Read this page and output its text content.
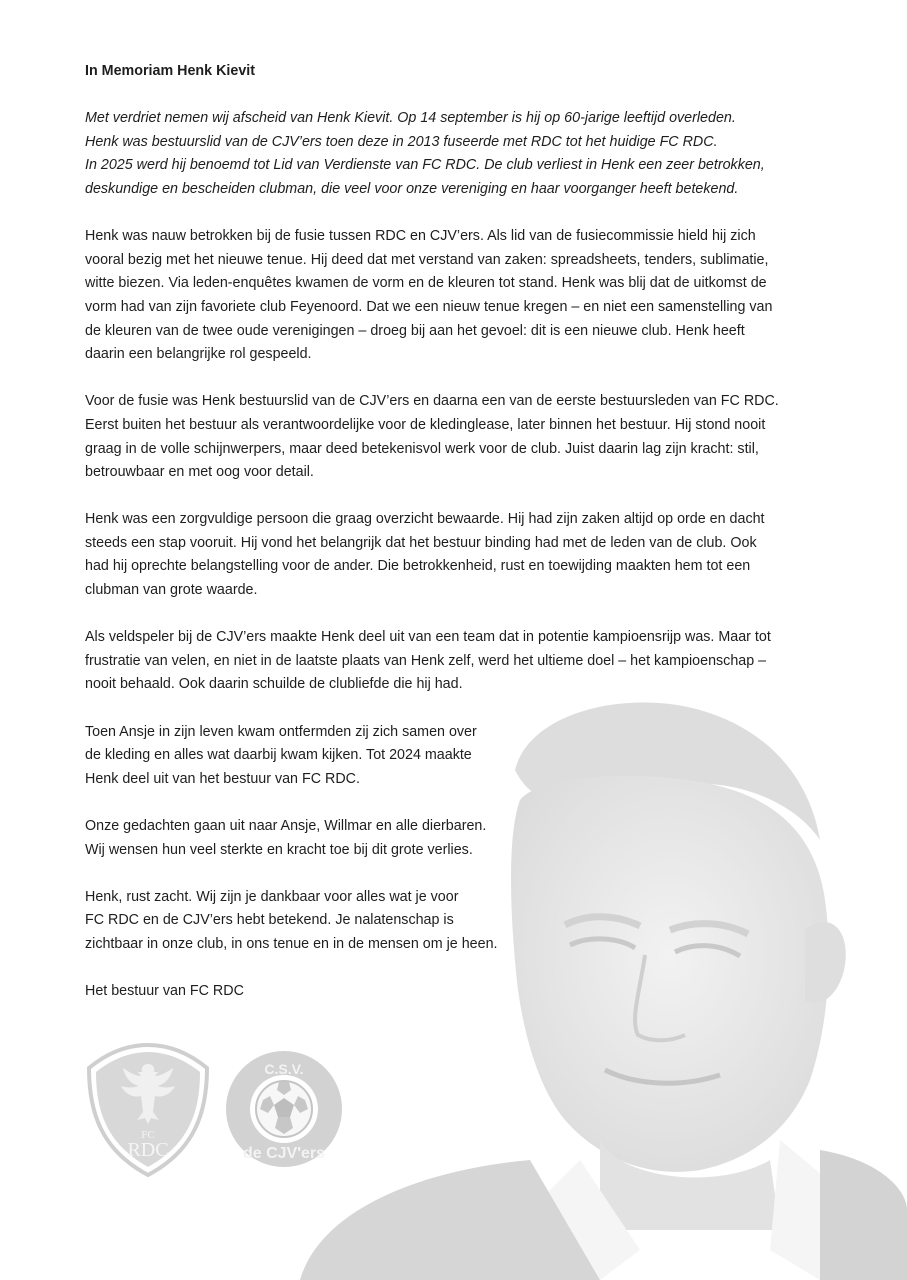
In Memoriam Henk Kievit
Met verdriet nemen wij afscheid van Henk Kievit. Op 14 september is hij op 60-jarige leeftijd overleden.
Henk was bestuurslid van de CJV’ers toen deze in 2013 fuseerde met RDC tot het huidige FC RDC.
In 2025 werd hij benoemd tot Lid van Verdienste van FC RDC. De club verliest in Henk een zeer betrokken,
deskundige en bescheiden clubman, die veel voor onze vereniging en haar voorganger heeft betekend.

Henk was nauw betrokken bij de fusie tussen RDC en CJV’ers. Als lid van de fusiecommissie hield hij zich
vooral bezig met het nieuwe tenue. Hij deed dat met verstand van zaken: spreadsheets, tenders, sublimatie,
witte biezen. Via leden-enquêtes kwamen de vorm en de kleuren tot stand. Henk was blij dat de uitkomst de
vorm had van zijn favoriete club Feyenoord. Dat we een nieuw tenue kregen – en niet een samenstelling van
de kleuren van de twee oude verenigingen – droeg bij aan het gevoel: dit is een nieuwe club. Henk heeft
daarin een belangrijke rol gespeeld.

Voor de fusie was Henk bestuurslid van de CJV’ers en daarna een van de eerste bestuursleden van FC RDC.
Eerst buiten het bestuur als verantwoordelijke voor de kledinglease, later binnen het bestuur. Hij stond nooit
graag in de volle schijnwerpers, maar deed betekenisvol werk voor de club. Juist daarin lag zijn kracht: stil,
betrouwbaar en met oog voor detail.

Henk was een zorgvuldige persoon die graag overzicht bewaarde. Hij had zijn zaken altijd op orde en dacht
steeds een stap vooruit. Hij vond het belangrijk dat het bestuur binding had met de leden van de club. Ook
had hij oprechte belangstelling voor de ander. Die betrokkenheid, rust en toewijding maakten hem tot een
clubman van grote waarde.

Als veldspeler bij de CJV’ers maakte Henk deel uit van een team dat in potentie kampioensrijp was. Maar tot
frustratie van velen, en niet in de laatste plaats van Henk zelf, werd het ultieme doel – het kampioenschap –
nooit behaald. Ook daarin schuilde de clubliefde die hij had.

Toen Ansje in zijn leven kwam ontfermden zij zich samen over
de kleding en alles wat daarbij kwam kijken. Tot 2024 maakte
Henk deel uit van het bestuur van FC RDC.

Onze gedachten gaan uit naar Ansje, Willmar en alle dierbaren.
Wij wensen hun veel sterkte en kracht toe bij dit grote verlies.

Henk, rust zacht. Wij zijn je dankbaar voor alles wat je voor
FC RDC en de CJV’ers hebt betekend. Je nalatenschap is
zichtbaar in onze club, in ons tenue en in de mensen om je heen.

Het bestuur van FC RDC

FC
RDC
C.S.V.
de CJV'ers
